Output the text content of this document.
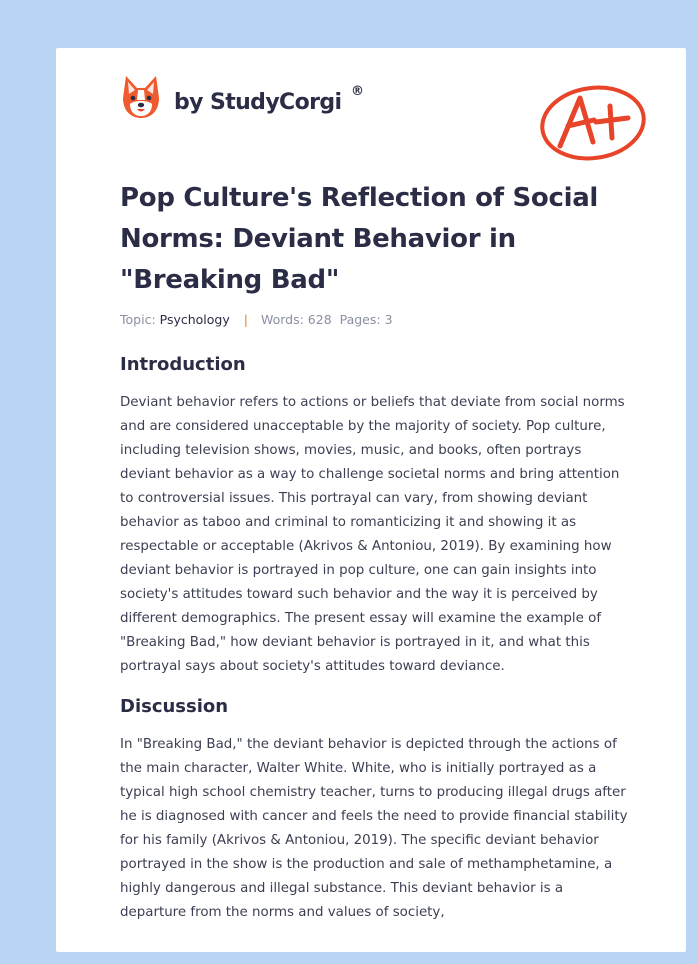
by StudyCorgi ®
Pop Culture's Reflection of Social Norms: Deviant Behavior in "Breaking Bad"
Topic: Psychology | Words: 628 Pages: 3
Introduction

Deviant behavior refers to actions or beliefs that deviate from social norms and are considered unacceptable by the majority of society. Pop culture, including television shows, movies, music, and books, often portrays deviant behavior as a way to challenge societal norms and bring attention to controversial issues. This portrayal can vary, from showing deviant behavior as taboo and criminal to romanticizing it and showing it as respectable or acceptable (Akrivos & Antoniou, 2019). By examining how deviant behavior is portrayed in pop culture, one can gain insights into society's attitudes toward such behavior and the way it is perceived by different demographics. The present essay will examine the example of "Breaking Bad," how deviant behavior is portrayed in it, and what this portrayal says about society's attitudes toward deviance.

Discussion

In "Breaking Bad," the deviant behavior is depicted through the actions of the main character, Walter White. White, who is initially portrayed as a typical high school chemistry teacher, turns to producing illegal drugs after he is diagnosed with cancer and feels the need to provide financial stability for his family (Akrivos & Antoniou, 2019). The specific deviant behavior portrayed in the show is the production and sale of methamphetamine, a highly dangerous and illegal substance. This deviant behavior is a departure from the norms and values of society,
